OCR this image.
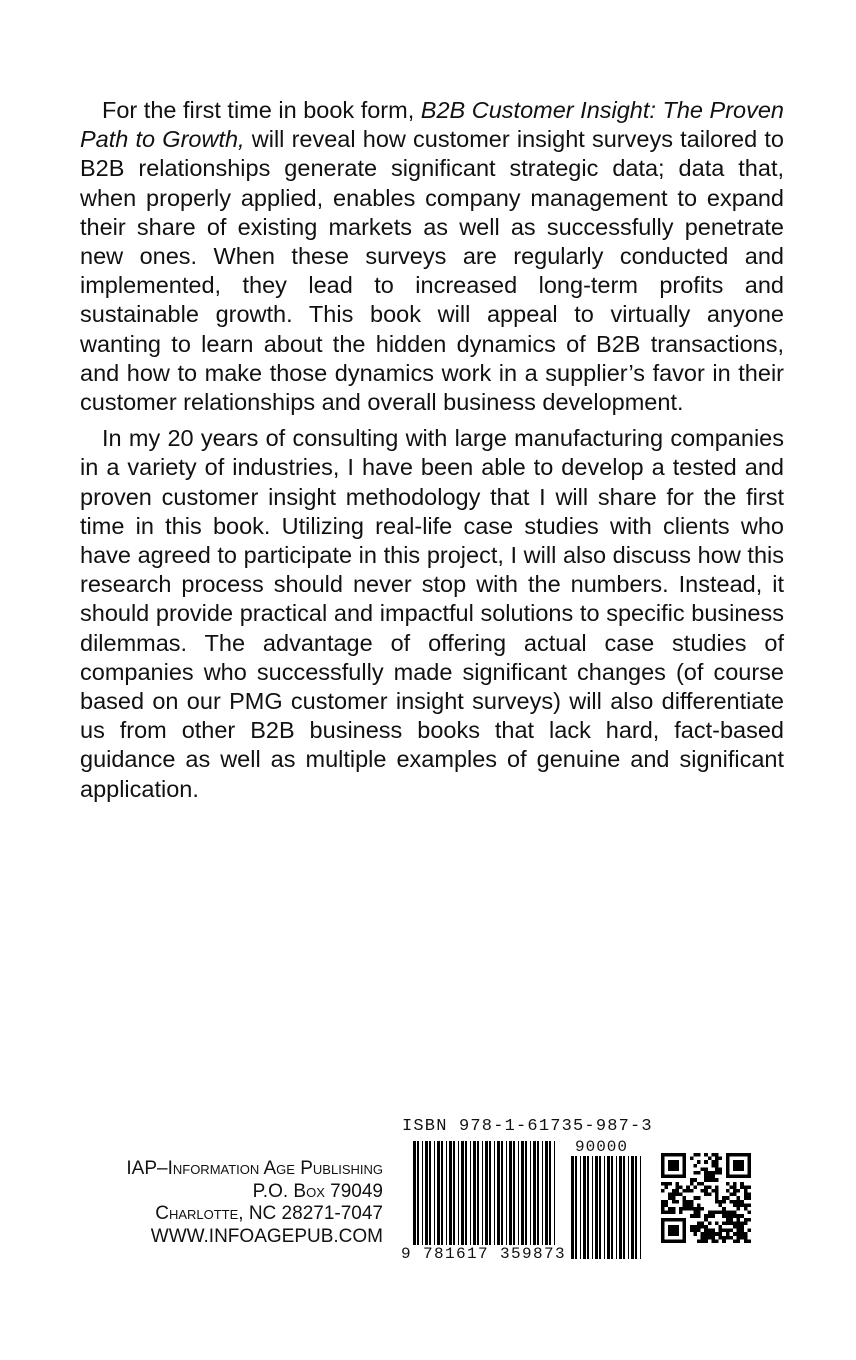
For the first time in book form, B2B Customer Insight: The Proven Path to Growth, will reveal how customer insight surveys tailored to B2B relationships generate significant strategic data; data that, when properly applied, enables company management to expand their share of existing markets as well as successfully penetrate new ones. When these surveys are regularly conducted and implemented, they lead to increased long-term profits and sustainable growth. This book will appeal to virtually anyone wanting to learn about the hidden dynamics of B2B transactions, and how to make those dynamics work in a supplier’s favor in their customer relationships and overall business development.

In my 20 years of consulting with large manufacturing companies in a variety of industries, I have been able to develop a tested and proven customer insight methodology that I will share for the first time in this book. Utilizing real-life case studies with clients who have agreed to participate in this project, I will also discuss how this research process should never stop with the numbers. Instead, it should provide practical and impactful solutions to specific business dilemmas. The advantage of offering actual case studies of companies who successfully made significant changes (of course based on our PMG customer insight surveys) will also differentiate us from other B2B business books that lack hard, fact-based guidance as well as multiple examples of genuine and significant application.

IAP–Information Age Publishing
P.O. Box 79049
Charlotte, NC 28271-7047
WWW.INFOAGEPUB.COM
ISBN 978-1-61735-987-3
90000
9 781617 359873
